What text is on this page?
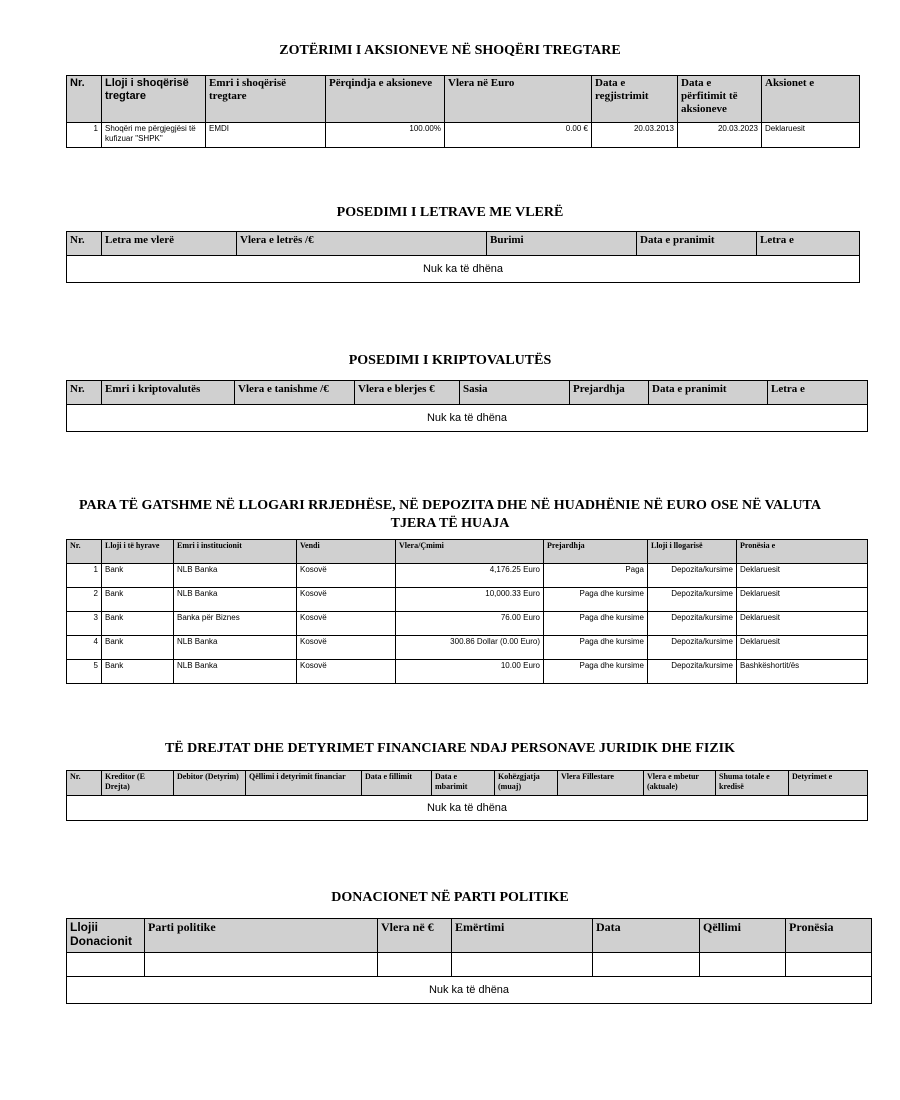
ZOTËRIMI I AKSIONEVE NË SHOQËRI TREGTARE
Nr.	Lloji i shoqërisë tregtare	Emri i shoqërisë tregtare	Përqindja e aksioneve	Vlera në Euro	Data e regjistrimit	Data e përfitimit të aksioneve	Aksionet e
1	Shoqëri me përgjegjësi të kufizuar "SHPK"	EMDI	100.00%	0.00 €	20.03.2013	20.03.2023	Deklaruesit
POSEDIMI I LETRAVE ME VLERË
Nr.	Letra me vlerë	Vlera e letrës /€	Burimi	Data e pranimit	Letra e
Nuk ka të dhëna
POSEDIMI I KRIPTOVALUTËS
Nr.	Emri i kriptovalutës	Vlera e tanishme /€	Vlera e blerjes €	Sasia	Prejardhja	Data e pranimit	Letra e
Nuk ka të dhëna
PARA TË GATSHME NË LLOGARI RRJEDHËSE, NË DEPOZITA DHE NË HUADHËNIE NË EURO OSE NË VALUTA TJERA TË HUAJA
Nr.	Lloji i të hyrave	Emri i institucionit	Vendi	Vlera/Çmimi	Prejardhja	Lloji i llogarisë	Pronësia e
1	Bank	NLB Banka	Kosovë	4,176.25 Euro	Paga	Depozita/kursime	Deklaruesit
2	Bank	NLB Banka	Kosovë	10,000.33 Euro	Paga dhe kursime	Depozita/kursime	Deklaruesit
3	Bank	Banka për Biznes	Kosovë	76.00 Euro	Paga dhe kursime	Depozita/kursime	Deklaruesit
4	Bank	NLB Banka	Kosovë	300.86 Dollar (0.00 Euro)	Paga dhe kursime	Depozita/kursime	Deklaruesit
5	Bank	NLB Banka	Kosovë	10.00 Euro	Paga dhe kursime	Depozita/kursime	Bashkëshortit/ës
TË DREJTAT DHE DETYRIMET FINANCIARE NDAJ PERSONAVE JURIDIK DHE FIZIK
Nr.	Kreditor (E Drejta)	Debitor (Detyrim)	Qëllimi i detyrimit financiar	Data e fillimit	Data e mbarimit	Kohëzgjatja (muaj)	Vlera Fillestare	Vlera e mbetur (aktuale)	Shuma totale e kredisë	Detyrimet e
Nuk ka të dhëna
DONACIONET NË PARTI POLITIKE
Llojii Donacionit	Parti politike	Vlera në €	Emërtimi	Data	Qëllimi	Pronësia

Nuk ka të dhëna						
